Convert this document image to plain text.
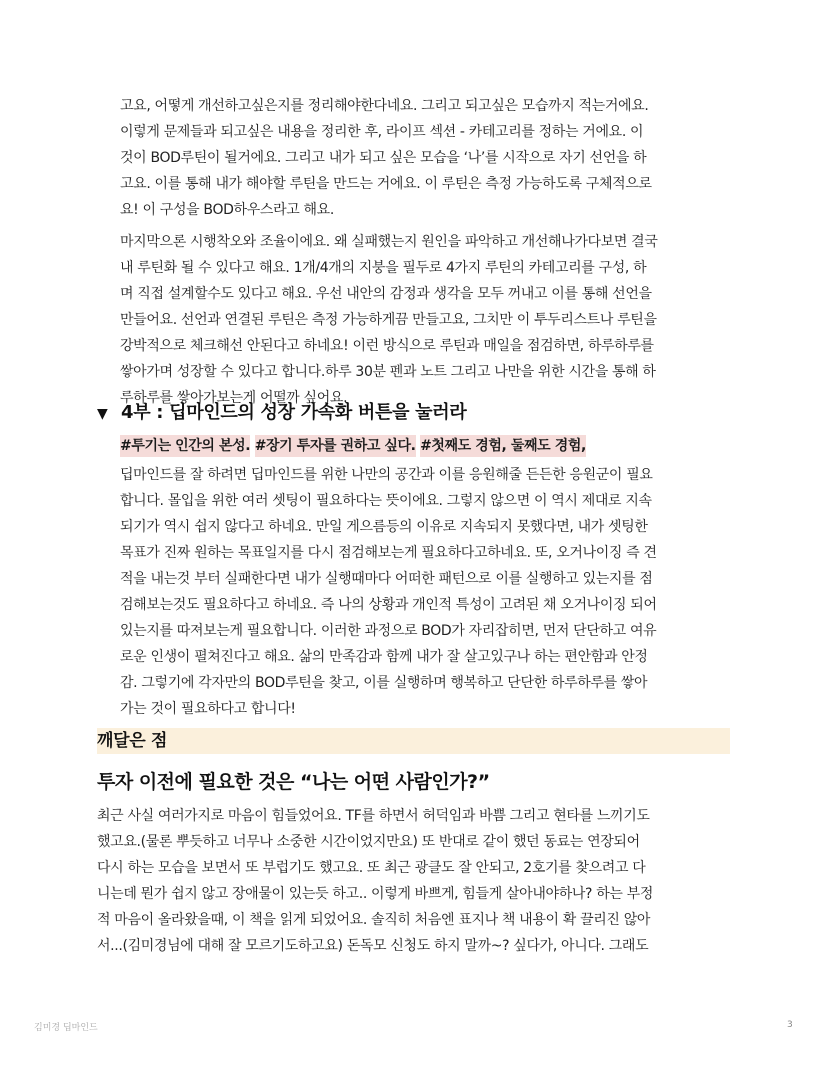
고요, 어떻게 개선하고싶은지를 정리해야한다네요. 그리고 되고싶은 모습까지 적는거에요.
이렇게 문제들과 되고싶은 내용을 정리한 후, 라이프 섹션 - 카테고리를 정하는 거에요. 이
것이 BOD루틴이 될거에요. 그리고 내가 되고 싶은 모습을 ‘나’를 시작으로 자기 선언을 하
고요. 이를 통해 내가 해야할 루틴을 만드는 거에요. 이 루틴은 측정 가능하도록 구체적으로
요! 이 구성을 BOD하우스라고 해요.
마지막으론 시행착오와 조율이에요. 왜 실패했는지 원인을 파악하고 개선해나가다보면 결국
내 루틴화 될 수 있다고 해요. 1개/4개의 지붕을 필두로 4가지 루틴의 카테고리를 구성, 하
며 직접 설계할수도 있다고 해요. 우선 내안의 감정과 생각을 모두 꺼내고 이를 통해 선언을
만들어요. 선언과 연결된 루틴은 측정 가능하게끔 만들고요, 그치만 이 투두리스트나 루틴을
강박적으로 체크해선 안된다고 하네요! 이런 방식으로 루틴과 매일을 점검하면, 하루하루를
쌓아가며 성장할 수 있다고 합니다.하루 30분 펜과 노트 그리고 나만을 위한 시간을 통해 하
루하루를 쌓아가보는게 어떨까 싶어요.
▼ 4부 : 딥마인드의 성장 가속화 버튼을 눌러라
#투기는 인간의 본성. #장기 투자를 권하고 싶다. #첫째도 경험, 둘째도 경험,
딥마인드를 잘 하려면 딥마인드를 위한 나만의 공간과 이를 응원해줄 든든한 응원군이 필요
합니다. 몰입을 위한 여러 셋팅이 필요하다는 뜻이에요. 그렇지 않으면 이 역시 제대로 지속
되기가 역시 쉽지 않다고 하네요. 만일 게으름등의 이유로 지속되지 못했다면, 내가 셋팅한
목표가 진짜 원하는 목표일지를 다시 점검해보는게 필요하다고하네요. 또, 오거나이징 즉 견
적을 내는것 부터 실패한다면 내가 실행때마다 어떠한 패턴으로 이를 실행하고 있는지를 점
검해보는것도 필요하다고 하네요. 즉 나의 상황과 개인적 특성이 고려된 채 오거나이징 되어
있는지를 따져보는게 필요합니다. 이러한 과정으로 BOD가 자리잡히면, 먼저 단단하고 여유
로운 인생이 펼쳐진다고 해요. 삶의 만족감과 함께 내가 잘 살고있구나 하는 편안함과 안정
감. 그렇기에 각자만의 BOD루틴을 찾고, 이를 실행하며 행복하고 단단한 하루하루를 쌓아
가는 것이 필요하다고 합니다!
깨달은 점
투자 이전에 필요한 것은 “나는 어떤 사람인가?”
최근 사실 여러가지로 마음이 힘들었어요. TF를 하면서 허덕임과 바쁨 그리고 현타를 느끼기도
했고요.(물론 뿌듯하고 너무나 소중한 시간이었지만요) 또 반대로 같이 했던 동료는 연장되어
다시 하는 모습을 보면서 또 부럽기도 했고요. 또 최근 광클도 잘 안되고, 2호기를 찾으려고 다
니는데 뭔가 쉽지 않고 장애물이 있는듯 하고.. 이렇게 바쁘게, 힘들게 살아내야하나? 하는 부정
적 마음이 올라왔을때, 이 책을 읽게 되었어요. 솔직히 처음엔 표지나 책 내용이 확 끌리진 않아
서...(김미경님에 대해 잘 모르기도하고요) 돈독모 신청도 하지 말까~? 싶다가, 아니다. 그래도
김미경 딥마인드	3
